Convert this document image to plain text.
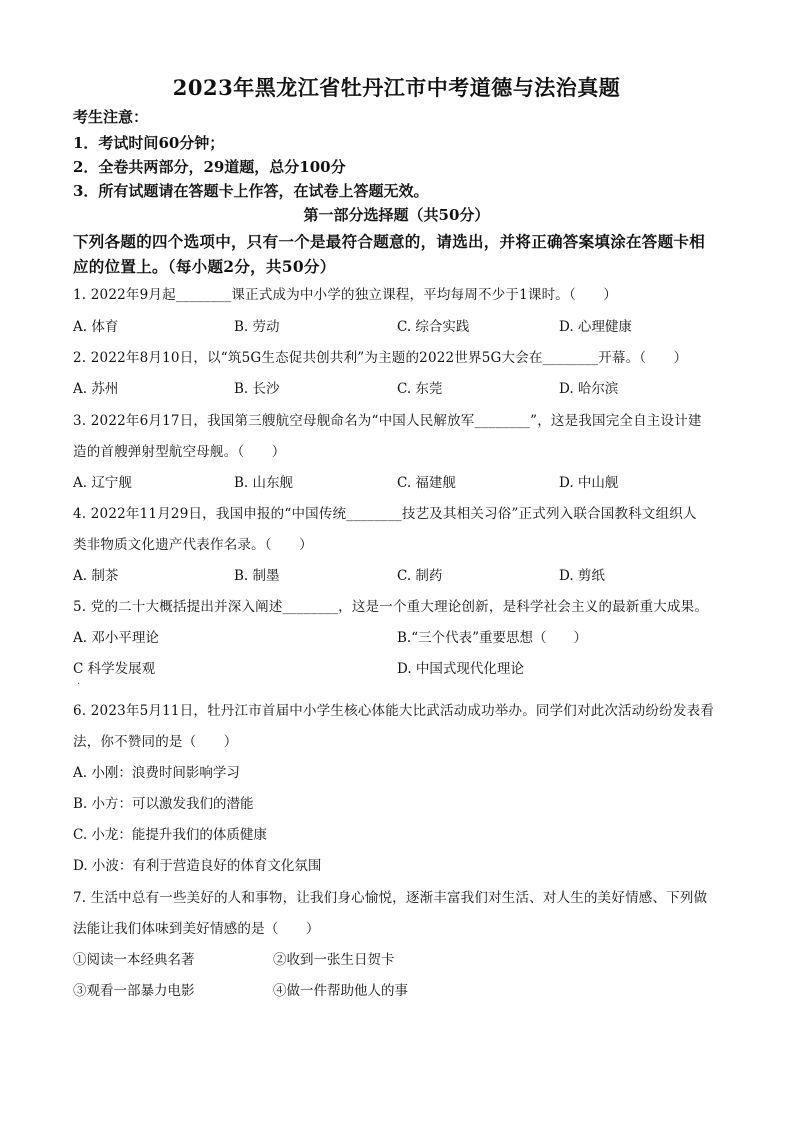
2023年黑龙江省牡丹江市中考道德与法治真题
考生注意：
1．考试时间60分钟；
2．全卷共两部分，29道题，总分100分
3．所有试题请在答题卡上作答，在试卷上答题无效。
第一部分选择题（共50分）
下列各题的四个选项中，只有一个是最符合题意的，请选出，并将正确答案填涂在答题卡相
应的位置上。（每小题2分，共50分）
1. 2022年9月起________课正式成为中小学的独立课程，平均每周不少于1课时。（　　）
A. 体育	B. 劳动	C. 综合实践	D. 心理健康
2. 2022年8月10日，以“筑5G生态促共创共利”为主题的2022世界5G大会在________开幕。（　　）
A. 苏州	B. 长沙	C. 东莞	D. 哈尔滨
3. 2022年6月17日，我国第三艘航空母舰命名为“中国人民解放军________”，这是我国完全自主设计建
造的首艘弹射型航空母舰。（　　）
A. 辽宁舰	B. 山东舰	C. 福建舰	D. 中山舰
4. 2022年11月29日，我国申报的“中国传统________技艺及其相关习俗”正式列入联合国教科文组织人
类非物质文化遗产代表作名录。（　　）
A. 制茶	B. 制墨	C. 制药	D. 剪纸
5. 党的二十大概括提出并深入阐述________，这是一个重大理论创新，是科学社会主义的最新重大成果。
A. 邓小平理论	B.“三个代表”重要思想（　　）
C 科学发展观	D. 中国式现代化理论
.
6. 2023年5月11日，牡丹江市首届中小学生核心体能大比武活动成功举办。同学们对此次活动纷纷发表看
法，你不赞同的是（　　）
A. 小刚：浪费时间影响学习
B. 小方：可以激发我们的潜能
C. 小龙：能提升我们的体质健康
D. 小波：有利于营造良好的体育文化氛围
7. 生活中总有一些美好的人和事物，让我们身心愉悦，逐渐丰富我们对生活、对人生的美好情感、下列做
法能让我们体味到美好情感的是（　　）
①阅读一本经典名著	②收到一张生日贺卡
③观看一部暴力电影	④做一件帮助他人的事
